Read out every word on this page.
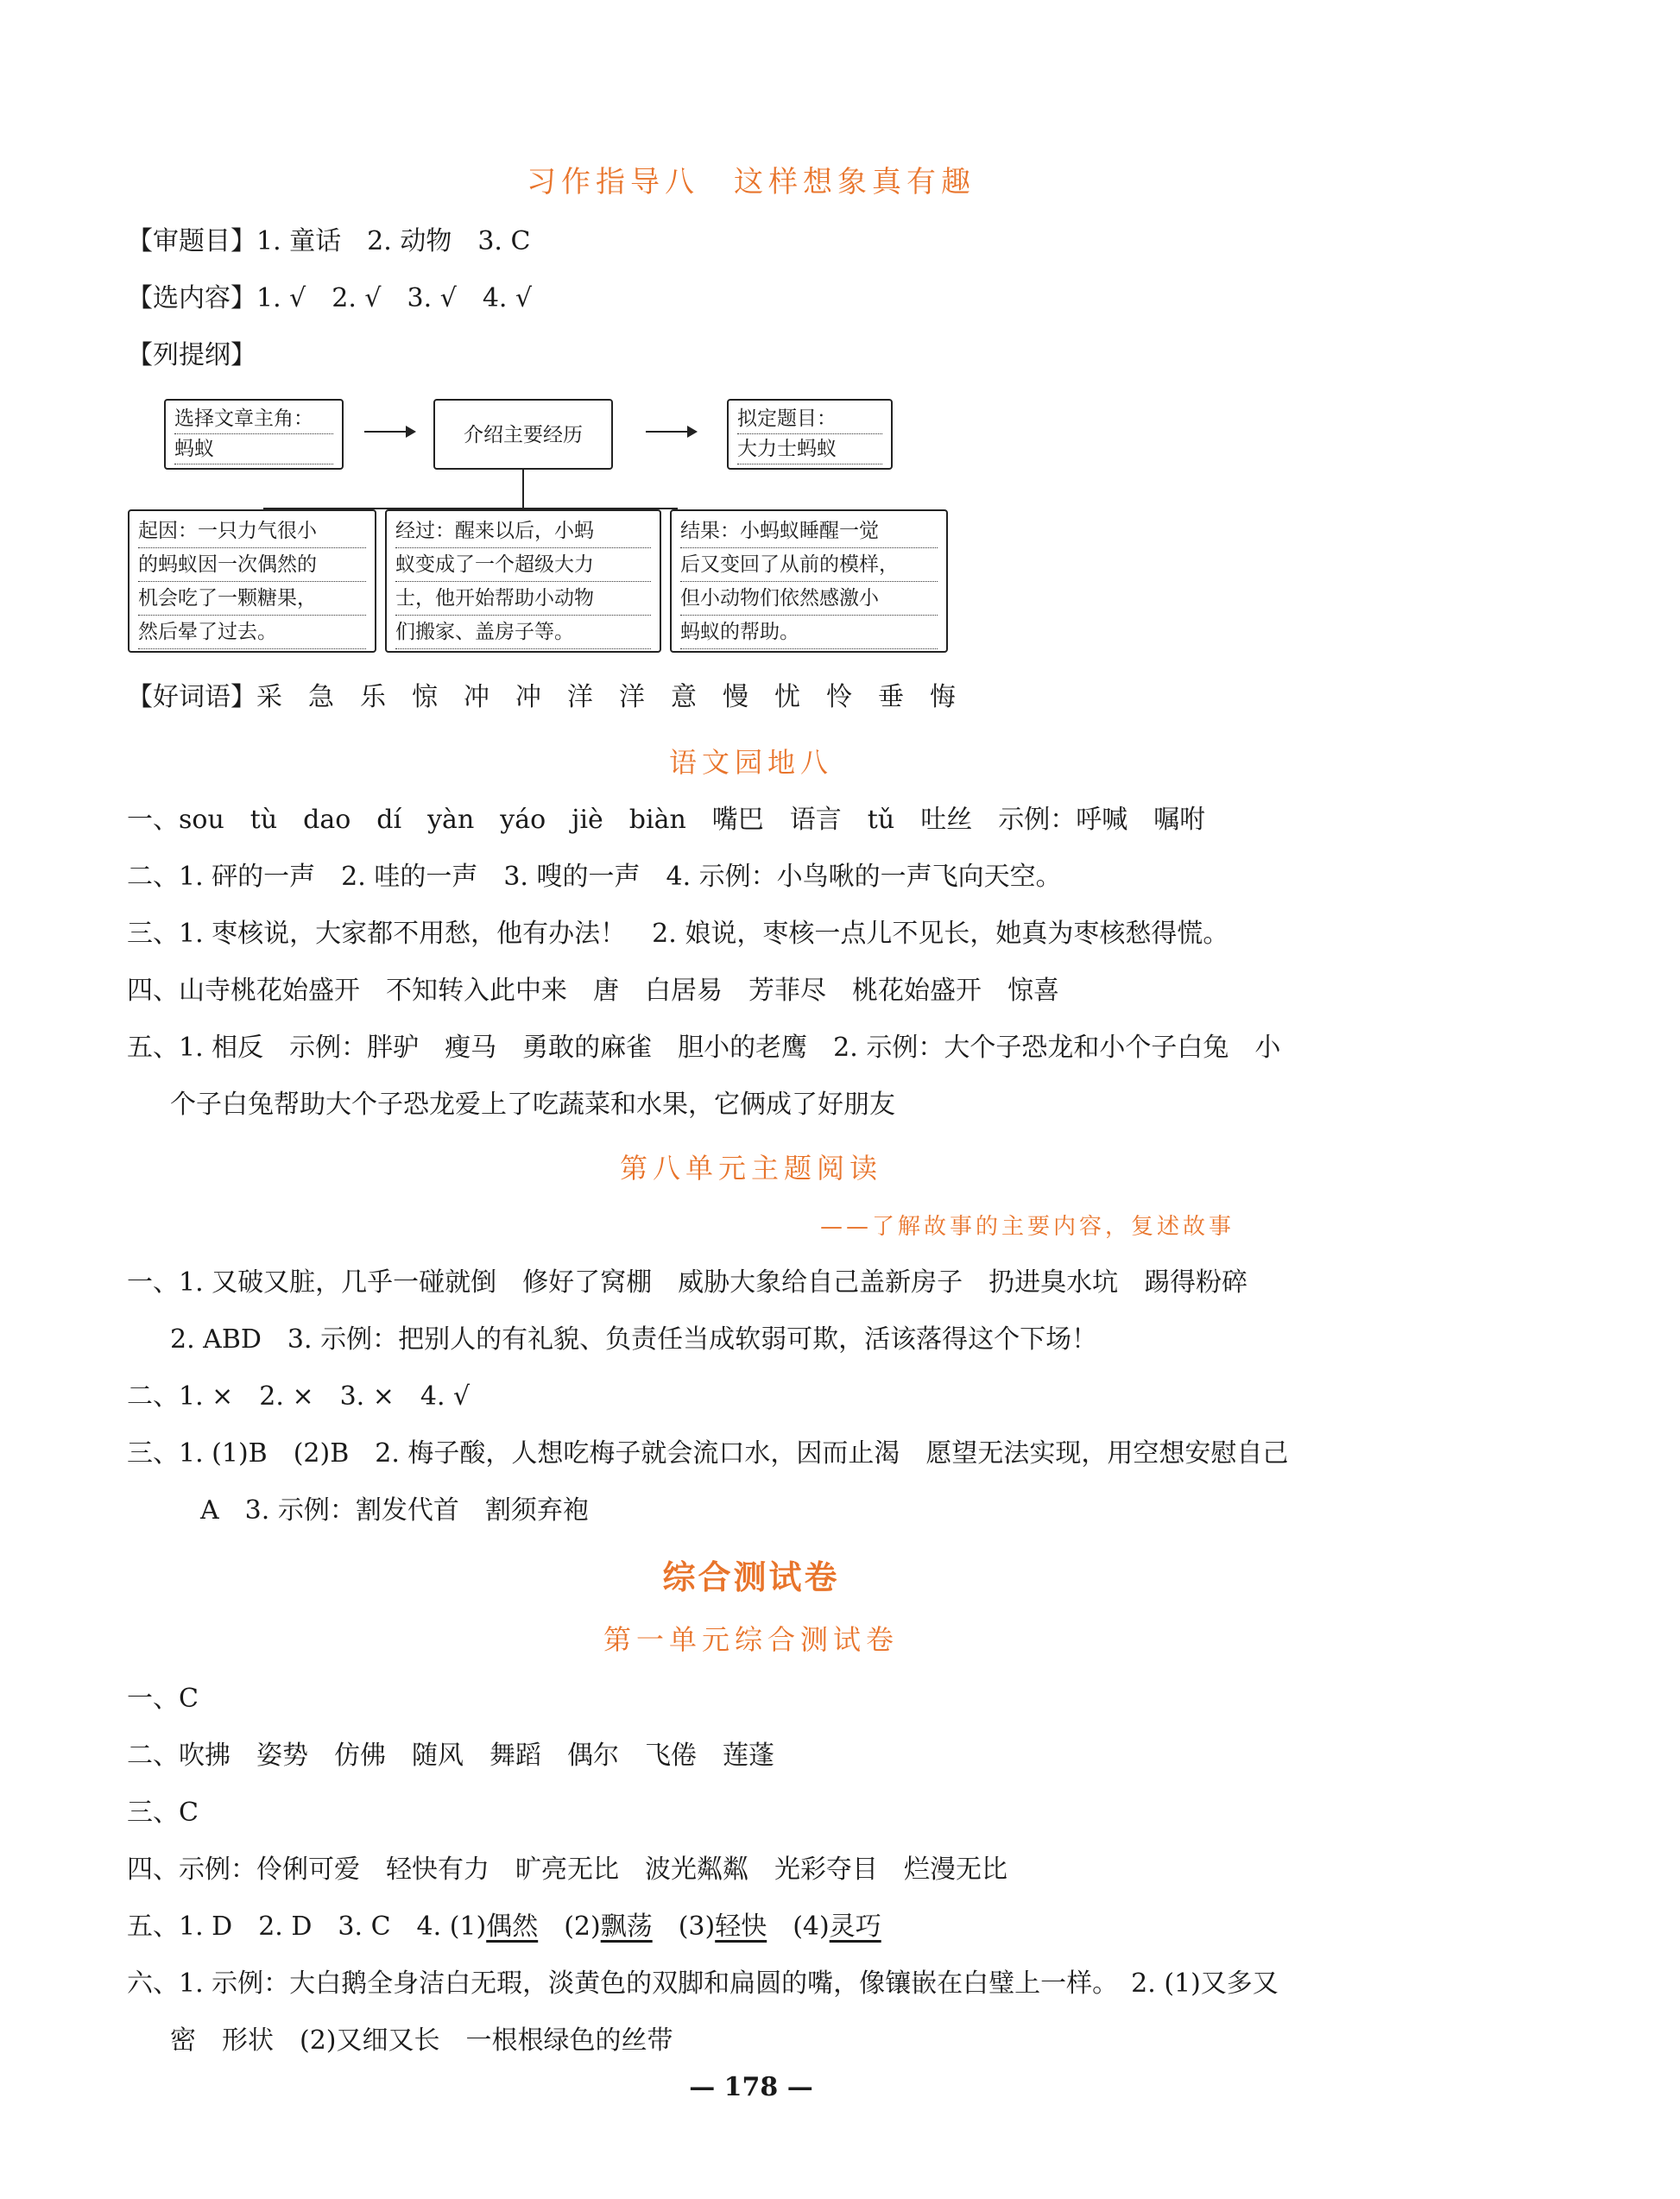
习作指导八　这样想象真有趣
【审题目】1. 童话　2. 动物　3. C
【选内容】1. √　2. √　3. √　4. √
【列提纲】
选择文章主角：
蚂蚁
介绍主要经历
拟定题目：
大力士蚂蚁
起因：一只力气很小
的蚂蚁因一次偶然的
机会吃了一颗糖果，
然后晕了过去。
经过：醒来以后，小蚂
蚁变成了一个超级大力
士，他开始帮助小动物
们搬家、盖房子等。
结果：小蚂蚁睡醒一觉
后又变回了从前的模样，
但小动物们依然感激小
蚂蚁的帮助。
【好词语】采　急　乐　惊　冲　冲　洋　洋　意　慢　忧　怜　垂　悔
语文园地八
一、sou　tù　dao　dí　yàn　yáo　jiè　biàn　嘴巴　语言　tǔ　吐丝　示例：呼喊　嘱咐
二、1. 砰的一声　2. 哇的一声　3. 嗖的一声　4. 示例：小鸟啾的一声飞向天空。
三、1. 枣核说，大家都不用愁，他有办法！　2. 娘说，枣核一点儿不见长，她真为枣核愁得慌。
四、山寺桃花始盛开　不知转入此中来　唐　白居易　芳菲尽　桃花始盛开　惊喜
五、1. 相反　示例：胖驴　瘦马　勇敢的麻雀　胆小的老鹰　2. 示例：大个子恐龙和小个子白兔　小
个子白兔帮助大个子恐龙爱上了吃蔬菜和水果，它俩成了好朋友
第八单元主题阅读
——了解故事的主要内容，复述故事
一、1. 又破又脏，几乎一碰就倒　修好了窝棚　威胁大象给自己盖新房子　扔进臭水坑　踢得粉碎
2. ABD　3. 示例：把别人的有礼貌、负责任当成软弱可欺，活该落得这个下场！
二、1. ×　2. ×　3. ×　4. √
三、1. (1)B　(2)B　2. 梅子酸，人想吃梅子就会流口水，因而止渴　愿望无法实现，用空想安慰自己
A　3. 示例：割发代首　割须弃袍
综合测试卷
第一单元综合测试卷
一、C
二、吹拂　姿势　仿佛　随风　舞蹈　偶尔　飞倦　莲蓬
三、C
四、示例：伶俐可爱　轻快有力　旷亮无比　波光粼粼　光彩夺目　烂漫无比
五、1. D　2. D　3. C　4. (1)偶然　(2)飘荡　(3)轻快　(4)灵巧
六、1. 示例：大白鹅全身洁白无瑕，淡黄色的双脚和扁圆的嘴，像镶嵌在白璧上一样。　2. (1)又多又
密　形状　(2)又细又长　一根根绿色的丝带
— 178 —
